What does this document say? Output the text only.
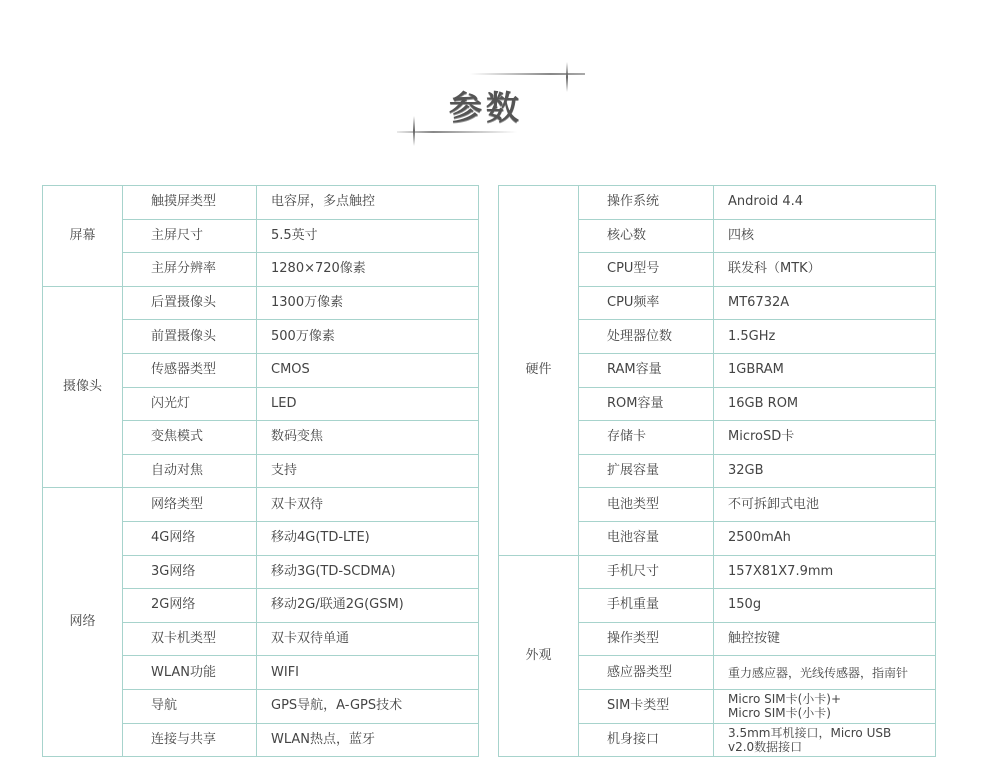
参数
屏幕	触摸屏类型	电容屏，多点触控
	主屏尺寸	5.5英寸
	主屏分辨率	1280×720像素
摄像头	后置摄像头	1300万像素
	前置摄像头	500万像素
	传感器类型	CMOS
	闪光灯	LED
	变焦模式	数码变焦
	自动对焦	支持
网络	网络类型	双卡双待
	4G网络	移动4G(TD-LTE)
	3G网络	移动3G(TD-SCDMA)
	2G网络	移动2G/联通2G(GSM)
	双卡机类型	双卡双待单通
	WLAN功能	WIFI
	导航	GPS导航，A-GPS技术
	连接与共享	WLAN热点，蓝牙
硬件	操作系统	Android 4.4
	核心数	四核
	CPU型号	联发科（MTK）
	CPU频率	MT6732A
	处理器位数	1.5GHz
	RAM容量	1GBRAM
	ROM容量	16GB ROM
	存储卡	MicroSD卡
	扩展容量	32GB
	电池类型	不可拆卸式电池
	电池容量	2500mAh
外观	手机尺寸	157X81X7.9mm
	手机重量	150g
	操作类型	触控按键
	感应器类型	重力感应器，光线传感器，指南针
	SIM卡类型	Micro SIM卡(小卡)+
Micro SIM卡(小卡)

	机身接口	3.5mm耳机接口，Micro USB
v2.0数据接口
